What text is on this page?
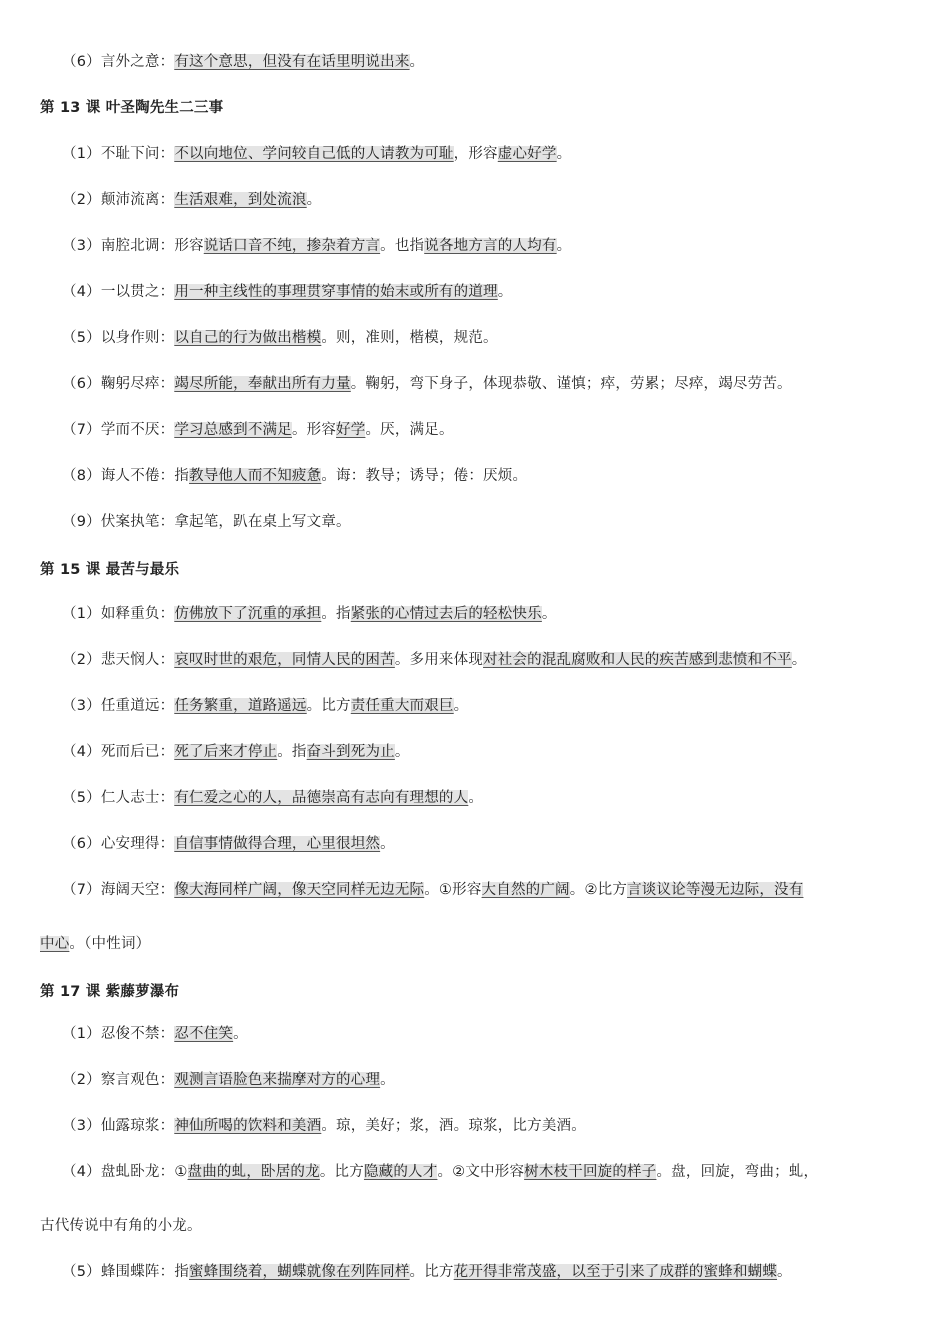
（6）言外之意：有这个意思，但没有在话里明说出来。
第 13 课 叶圣陶先生二三事
（1）不耻下问：不以向地位、学问较自己低的人请教为可耻，形容虚心好学。
（2）颠沛流离：生活艰难，到处流浪。
（3）南腔北调：形容说话口音不纯，掺杂着方言。也指说各地方言的人均有。
（4）一以贯之：用一种主线性的事理贯穿事情的始末或所有的道理。
（5）以身作则：以自己的行为做出楷模。则，准则，楷模，规范。
（6）鞠躬尽瘁：竭尽所能，奉献出所有力量。鞠躬，弯下身子，体现恭敬、谨慎；瘁，劳累；尽瘁，竭尽劳苦。
（7）学而不厌：学习总感到不满足。形容好学。厌，满足。
（8）诲人不倦：指教导他人而不知疲惫。诲：教导；诱导；倦：厌烦。
（9）伏案执笔：拿起笔，趴在桌上写文章。
第 15 课 最苦与最乐
（1）如释重负：仿佛放下了沉重的承担。指紧张的心情过去后的轻松快乐。
（2）悲天悯人：哀叹时世的艰危，同情人民的困苦。多用来体现对社会的混乱腐败和人民的疾苦感到悲愤和不平。
（3）任重道远：任务繁重，道路遥远。比方责任重大而艰巨。
（4）死而后已：死了后来才停止。指奋斗到死为止。
（5）仁人志士：有仁爱之心的人，品德崇高有志向有理想的人。
（6）心安理得：自信事情做得合理，心里很坦然。
（7）海阔天空：像大海同样广阔，像天空同样无边无际。①形容大自然的广阔。②比方言谈议论等漫无边际，没有
中心。（中性词）
第 17 课 紫藤萝瀑布
（1）忍俊不禁：忍不住笑。
（2）察言观色：观测言语脸色来揣摩对方的心理。
（3）仙露琼浆：神仙所喝的饮料和美酒。琼，美好；浆，酒。琼浆，比方美酒。
（4）盘虬卧龙：①盘曲的虬，卧居的龙。比方隐藏的人才。②文中形容树木枝干回旋的样子。盘，回旋，弯曲；虬，
古代传说中有角的小龙。
（5）蜂围蝶阵：指蜜蜂围绕着，蝴蝶就像在列阵同样。比方花开得非常茂盛，以至于引来了成群的蜜蜂和蝴蝶。
